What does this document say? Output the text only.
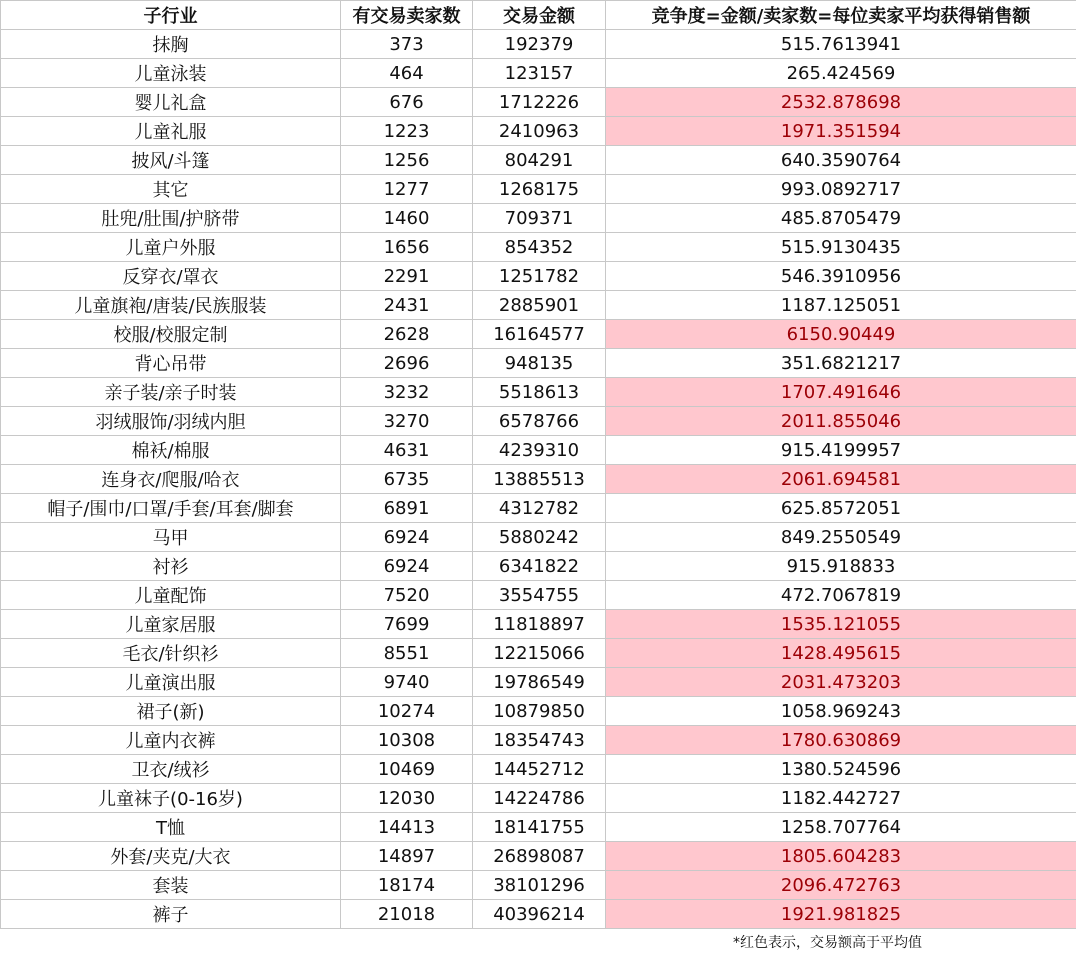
子行业	有交易卖家数	交易金额	竞争度=金额/卖家数=每位卖家平均获得销售额
抹胸	373	192379	515.7613941
儿童泳装	464	123157	265.424569
婴儿礼盒	676	1712226	2532.878698
儿童礼服	1223	2410963	1971.351594
披风/斗篷	1256	804291	640.3590764
其它	1277	1268175	993.0892717
肚兜/肚围/护脐带	1460	709371	485.8705479
儿童户外服	1656	854352	515.9130435
反穿衣/罩衣	2291	1251782	546.3910956
儿童旗袍/唐装/民族服装	2431	2885901	1187.125051
校服/校服定制	2628	16164577	6150.90449
背心吊带	2696	948135	351.6821217
亲子装/亲子时装	3232	5518613	1707.491646
羽绒服饰/羽绒内胆	3270	6578766	2011.855046
棉袄/棉服	4631	4239310	915.4199957
连身衣/爬服/哈衣	6735	13885513	2061.694581
帽子/围巾/口罩/手套/耳套/脚套	6891	4312782	625.8572051
马甲	6924	5880242	849.2550549
衬衫	6924	6341822	915.918833
儿童配饰	7520	3554755	472.7067819
儿童家居服	7699	11818897	1535.121055
毛衣/针织衫	8551	12215066	1428.495615
儿童演出服	9740	19786549	2031.473203
裙子(新)	10274	10879850	1058.969243
儿童内衣裤	10308	18354743	1780.630869
卫衣/绒衫	10469	14452712	1380.524596
儿童袜子(0-16岁)	12030	14224786	1182.442727
T恤	14413	18141755	1258.707764
外套/夹克/大衣	14897	26898087	1805.604283
套装	18174	38101296	2096.472763
裤子	21018	40396214	1921.981825
*红色表示，交易额高于平均值
